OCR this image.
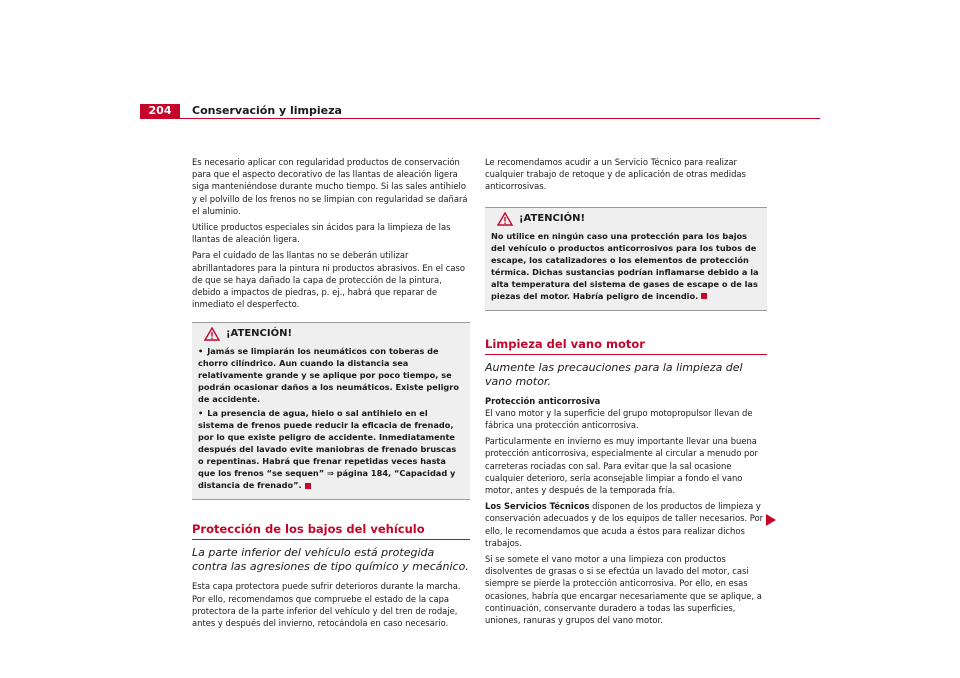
204	Conservación y limpieza

Es necesario aplicar con regularidad productos de conservación para que el aspecto decorativo de las llantas de aleación ligera siga manteniéndose durante mucho tiempo. Si las sales antihielo y el polvillo de los frenos no se limpian con regularidad se dañará el aluminio.

Utilice productos especiales sin ácidos para la limpieza de las llantas de aleación ligera.

Para el cuidado de las llantas no se deberán utilizar abrillantadores para la pintura ni productos abrasivos. En el caso de que se haya dañado la capa de protección de la pintura, debido a impactos de piedras, p. ej., habrá que reparar de inmediato el desperfecto.

¡ATENCIÓN!

• Jamás se limpiarán los neumáticos con toberas de chorro cilíndrico. Aun cuando la distancia sea relativamente grande y se aplique por poco tiempo, se podrán ocasionar daños a los neumáticos. Existe peligro de accidente.

• La presencia de agua, hielo o sal antihielo en el sistema de frenos puede reducir la eficacia de frenado, por lo que existe peligro de accidente. Inmediatamente después del lavado evite maniobras de frenado bruscas o repentinas. Habrá que frenar repetidas veces hasta que los frenos “se sequen” ⇒ página 184, “Capacidad y distancia de frenado”.

Protección de los bajos del vehículo
La parte inferior del vehículo está protegida contra las agresiones de tipo químico y mecánico.

Esta capa protectora puede sufrir deterioros durante la marcha. Por ello, recomendamos que compruebe el estado de la capa protectora de la parte inferior del vehículo y del tren de rodaje, antes y después del invierno, retocándola en caso necesario.

Le recomendamos acudir a un Servicio Técnico para realizar cualquier trabajo de retoque y de aplicación de otras medidas anticorrosivas.

¡ATENCIÓN!

No utilice en ningún caso una protección para los bajos del vehículo o productos anticorrosivos para los tubos de escape, los catalizadores o los elementos de protección térmica. Dichas sustancias podrían inflamarse debido a la alta temperatura del sistema de gases de escape o de las piezas del motor. Habría peligro de incendio.

Limpieza del vano motor
Aumente las precauciones para la limpieza del vano motor.

Protección anticorrosiva

El vano motor y la superficie del grupo motopropulsor llevan de fábrica una protección anticorrosiva.

Particularmente en invierno es muy importante llevar una buena protección anticorrosiva, especialmente al circular a menudo por carreteras rociadas con sal. Para evitar que la sal ocasione cualquier deterioro, sería aconsejable limpiar a fondo el vano motor, antes y después de la temporada fría.

Los Servicios Técnicos disponen de los productos de limpieza y conservación adecuados y de los equipos de taller necesarios. Por ello, le recomendamos que acuda a éstos para realizar dichos trabajos.

Si se somete el vano motor a una limpieza con productos disolventes de grasas o si se efectúa un lavado del motor, casi siempre se pierde la protección anticorrosiva. Por ello, en esas ocasiones, habría que encargar necesariamente que se aplique, a continuación, conservante duradero a todas las superficies, uniones, ranuras y grupos del vano motor.
